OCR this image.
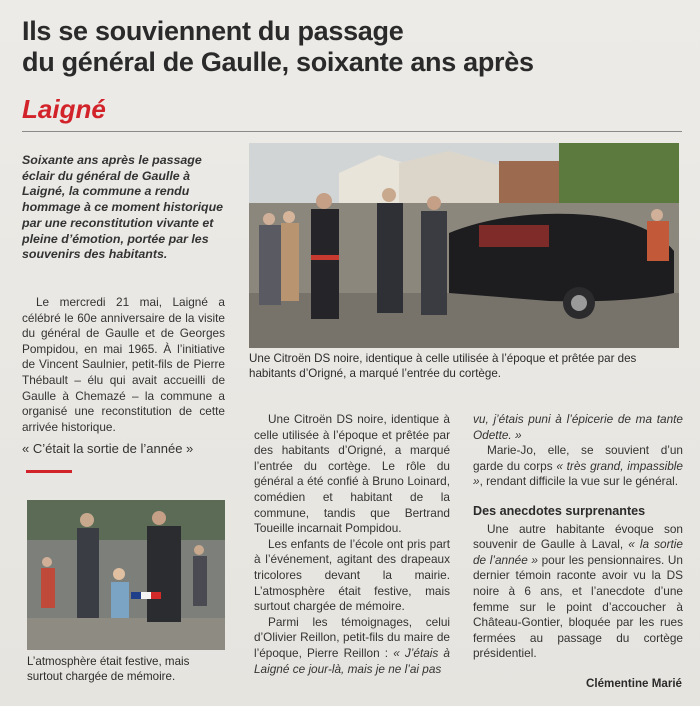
Ils se souviennent du passage
du général de Gaulle, soixante ans après
Laigné
Soixante ans après le passage éclair du général de Gaulle à Laigné, la commune a rendu hommage à ce moment historique par une reconstitution vivante et pleine d’émotion, portée par les souvenirs des habitants.

Le mercredi 21 mai, Laigné a célébré le 60e anniversaire de la visite du général de Gaulle et de Georges Pompidou, en mai 1965. À l’initiative de Vincent Saulnier, petit-fils de Pierre Thébault – élu qui avait accueilli de Gaulle à Chemazé – la commune a organisé une reconstitution de cette arrivée historique.

« C’était la sortie de l’année »
L’atmosphère était festive, mais surtout chargée de mémoire.
Une Citroën DS noire, identique à celle utilisée à l’époque et prêtée par des habitants d’Origné, a marqué l’entrée du cortège.

Une Citroën DS noire, identique à celle utilisée à l’époque et prêtée par des habitants d’Origné, a marqué l’entrée du cortège. Le rôle du général a été confié à Bruno Loinard, comédien et habitant de la commune, tandis que Bertrand Toueille incarnait Pompidou.

Les enfants de l’école ont pris part à l’événement, agitant des drapeaux tricolores devant la mairie. L’atmosphère était festive, mais surtout chargée de mémoire.

Parmi les témoignages, celui d’Olivier Reillon, petit-fils du maire de l’époque, Pierre Reillon : « J’étais à Laigné ce jour-là, mais je ne l’ai pas

vu, j’étais puni à l’épicerie de ma tante Odette. »

Marie-Jo, elle, se souvient d’un garde du corps « très grand, impassible », rendant difficile la vue sur le général.

Des anecdotes surprenantes

Une autre habitante évoque son souvenir de Gaulle à Laval, « la sortie de l’année » pour les pensionnaires. Un dernier témoin raconte avoir vu la DS noire à 6 ans, et l’anecdote d’une femme sur le point d’accoucher à Château-Gontier, bloquée par les rues fermées au passage du cortège présidentiel.

Clémentine Marié
